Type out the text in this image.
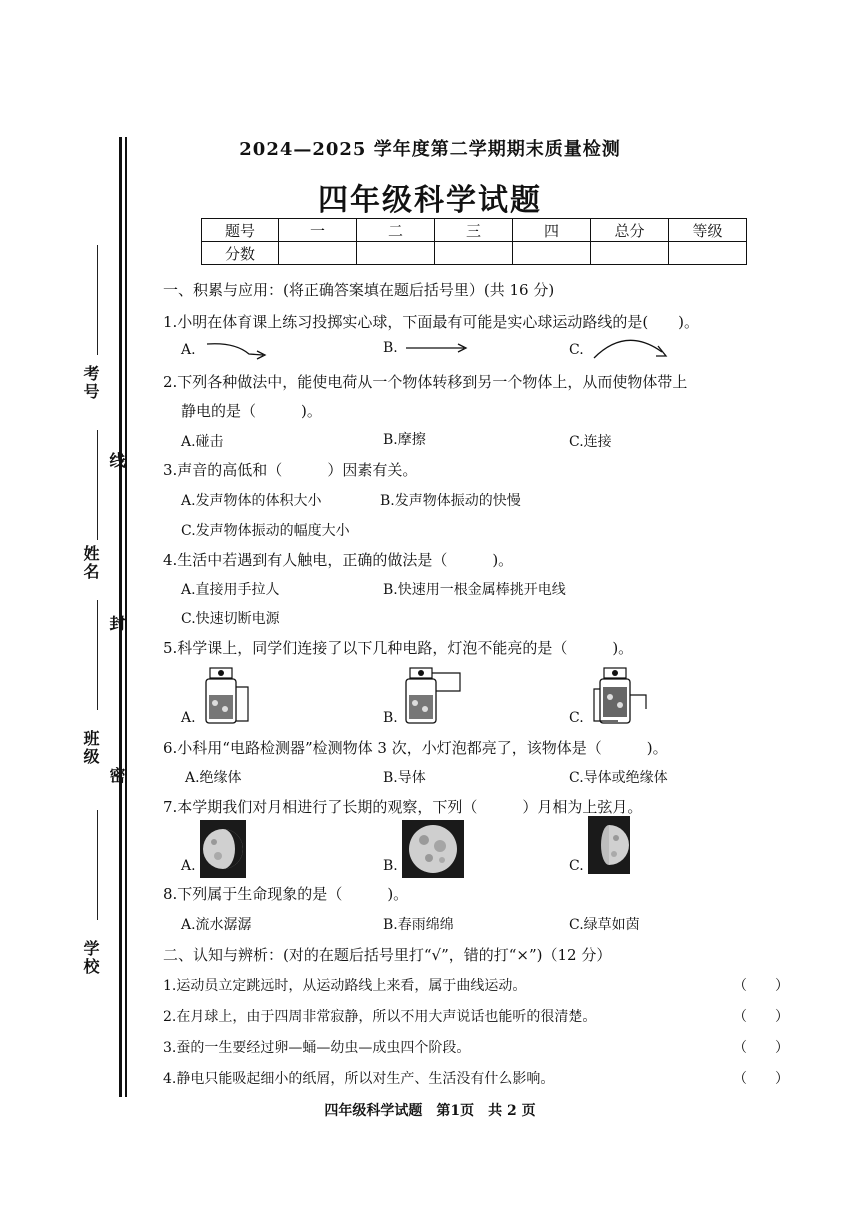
考号
线
姓名
封
班级
密
学校
2024—2025 学年度第二学期期末质量检测
四年级科学试题
题号	一	二	三	四	总分	等级
分数						
一、积累与应用：(将正确答案填在题后括号里）(共 16 分)
1.小明在体育课上练习投掷实心球，下面最有可能是实心球运动路线的是(　　)。
A.	B.	C.
2.下列各种做法中，能使电荷从一个物体转移到另一个物体上，从而使物体带上
静电的是（　　　)。
A.碰击	B.摩擦	C.连接
3.声音的高低和（　　　）因素有关。
A.发声物体的体积大小	B.发声物体振动的快慢
C.发声物体振动的幅度大小
4.生活中若遇到有人触电，正确的做法是（　　　)。
A.直接用手拉人	B.快速用一根金属棒挑开电线
C.快速切断电源
5.科学课上，同学们连接了以下几种电路，灯泡不能亮的是（　　　)。
A.	B.	C.
6.小科用“电路检测器”检测物体 3 次，小灯泡都亮了，该物体是（　　　)。
A.绝缘体	B.导体	C.导体或绝缘体
7.本学期我们对月相进行了长期的观察，下列（　　　）月相为上弦月。
A.	B.	C.
8.下列属于生命现象的是（　　　)。
A.流水潺潺	B.春雨绵绵	C.绿草如茵
二、认知与辨析：(对的在题后括号里打“√”，错的打“×”)（12 分）
1.运动员立定跳远时，从运动路线上来看，属于曲线运动。	（　　）
2.在月球上，由于四周非常寂静，所以不用大声说话也能听的很清楚。	（　　）
3.蚕的一生要经过卵—蛹—幼虫—成虫四个阶段。	（　　）
4.静电只能吸起细小的纸屑，所以对生产、生活没有什么影响。	（　　）
四年级科学试题　第1页　共 2 页
